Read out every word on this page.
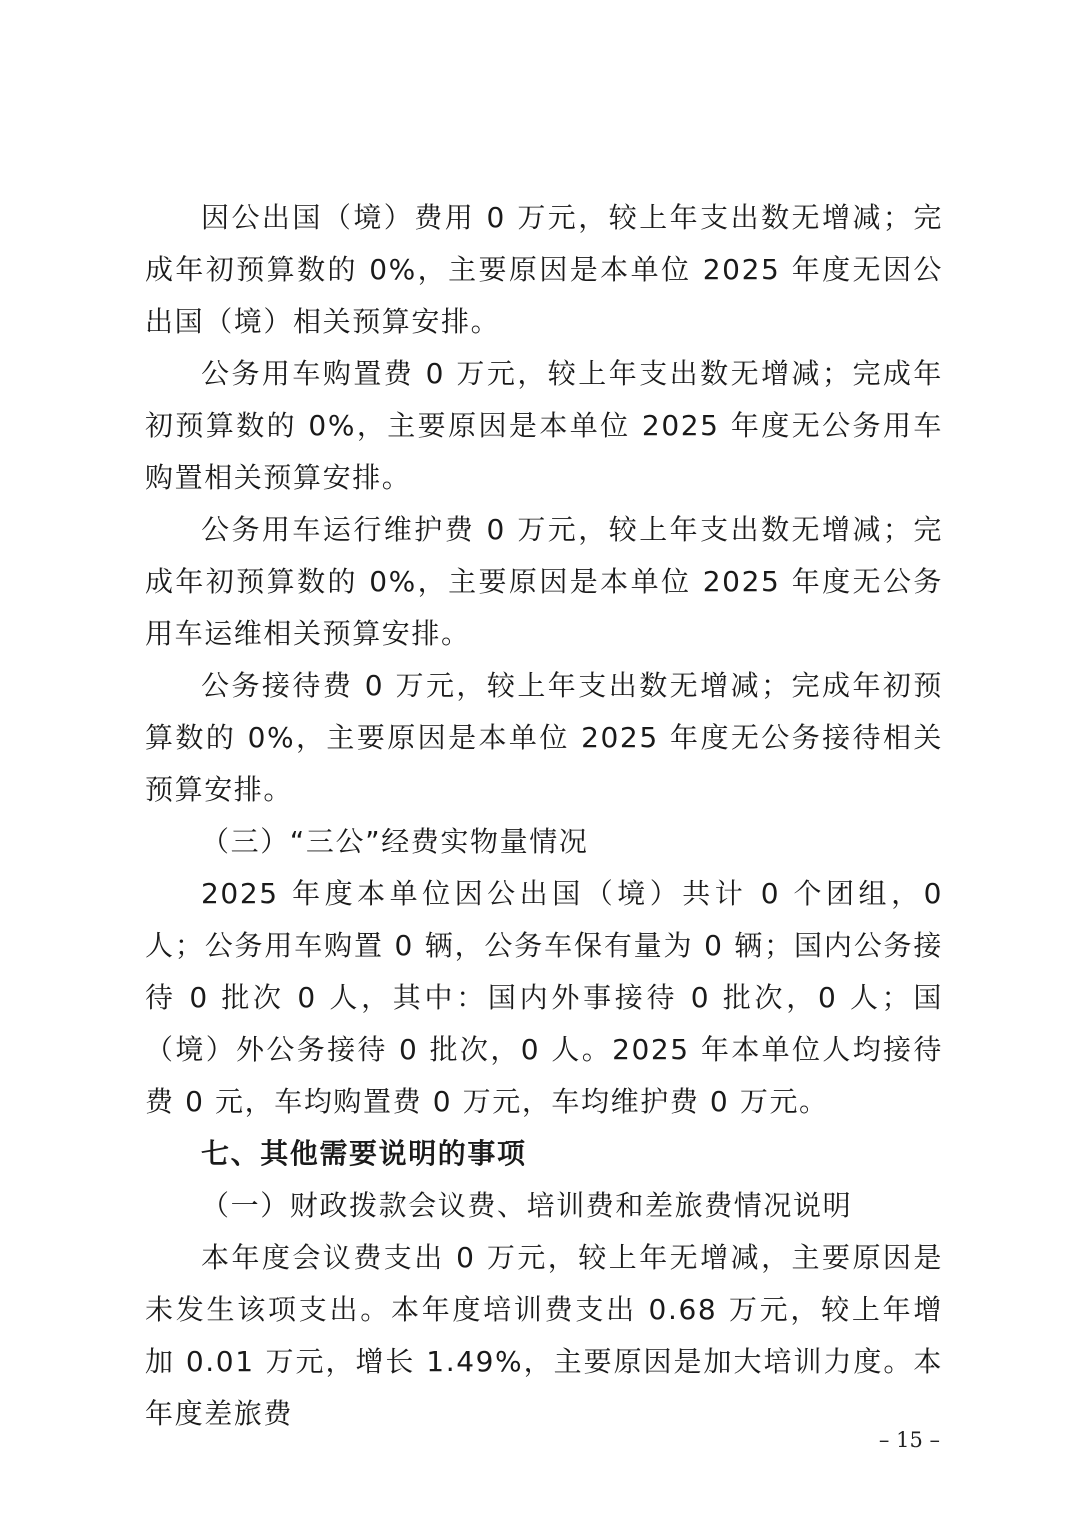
因公出国（境）费用 0 万元，较上年支出数无增减；完成年初预算数的 0%，主要原因是本单位 2025 年度无因公出国（境）相关预算安排。

公务用车购置费 0 万元，较上年支出数无增减；完成年初预算数的 0%，主要原因是本单位 2025 年度无公务用车购置相关预算安排。

公务用车运行维护费 0 万元，较上年支出数无增减；完成年初预算数的 0%，主要原因是本单位 2025 年度无公务用车运维相关预算安排。

公务接待费 0 万元，较上年支出数无增减；完成年初预算数的 0%，主要原因是本单位 2025 年度无公务接待相关预算安排。

（三）“三公”经费实物量情况

2025 年度本单位因公出国（境）共计 0 个团组，0 人；公务用车购置 0 辆，公务车保有量为 0 辆；国内公务接待 0 批次 0 人，其中：国内外事接待 0 批次，0 人；国（境）外公务接待 0 批次，0 人。2025 年本单位人均接待费 0 元，车均购置费 0 万元，车均维护费 0 万元。

七、其他需要说明的事项

（一）财政拨款会议费、培训费和差旅费情况说明

本年度会议费支出 0 万元，较上年无增减，主要原因是未发生该项支出。本年度培训费支出 0.68 万元，较上年增加 0.01 万元，增长 1.49%，主要原因是加大培训力度。本年度差旅费

– 15 –
